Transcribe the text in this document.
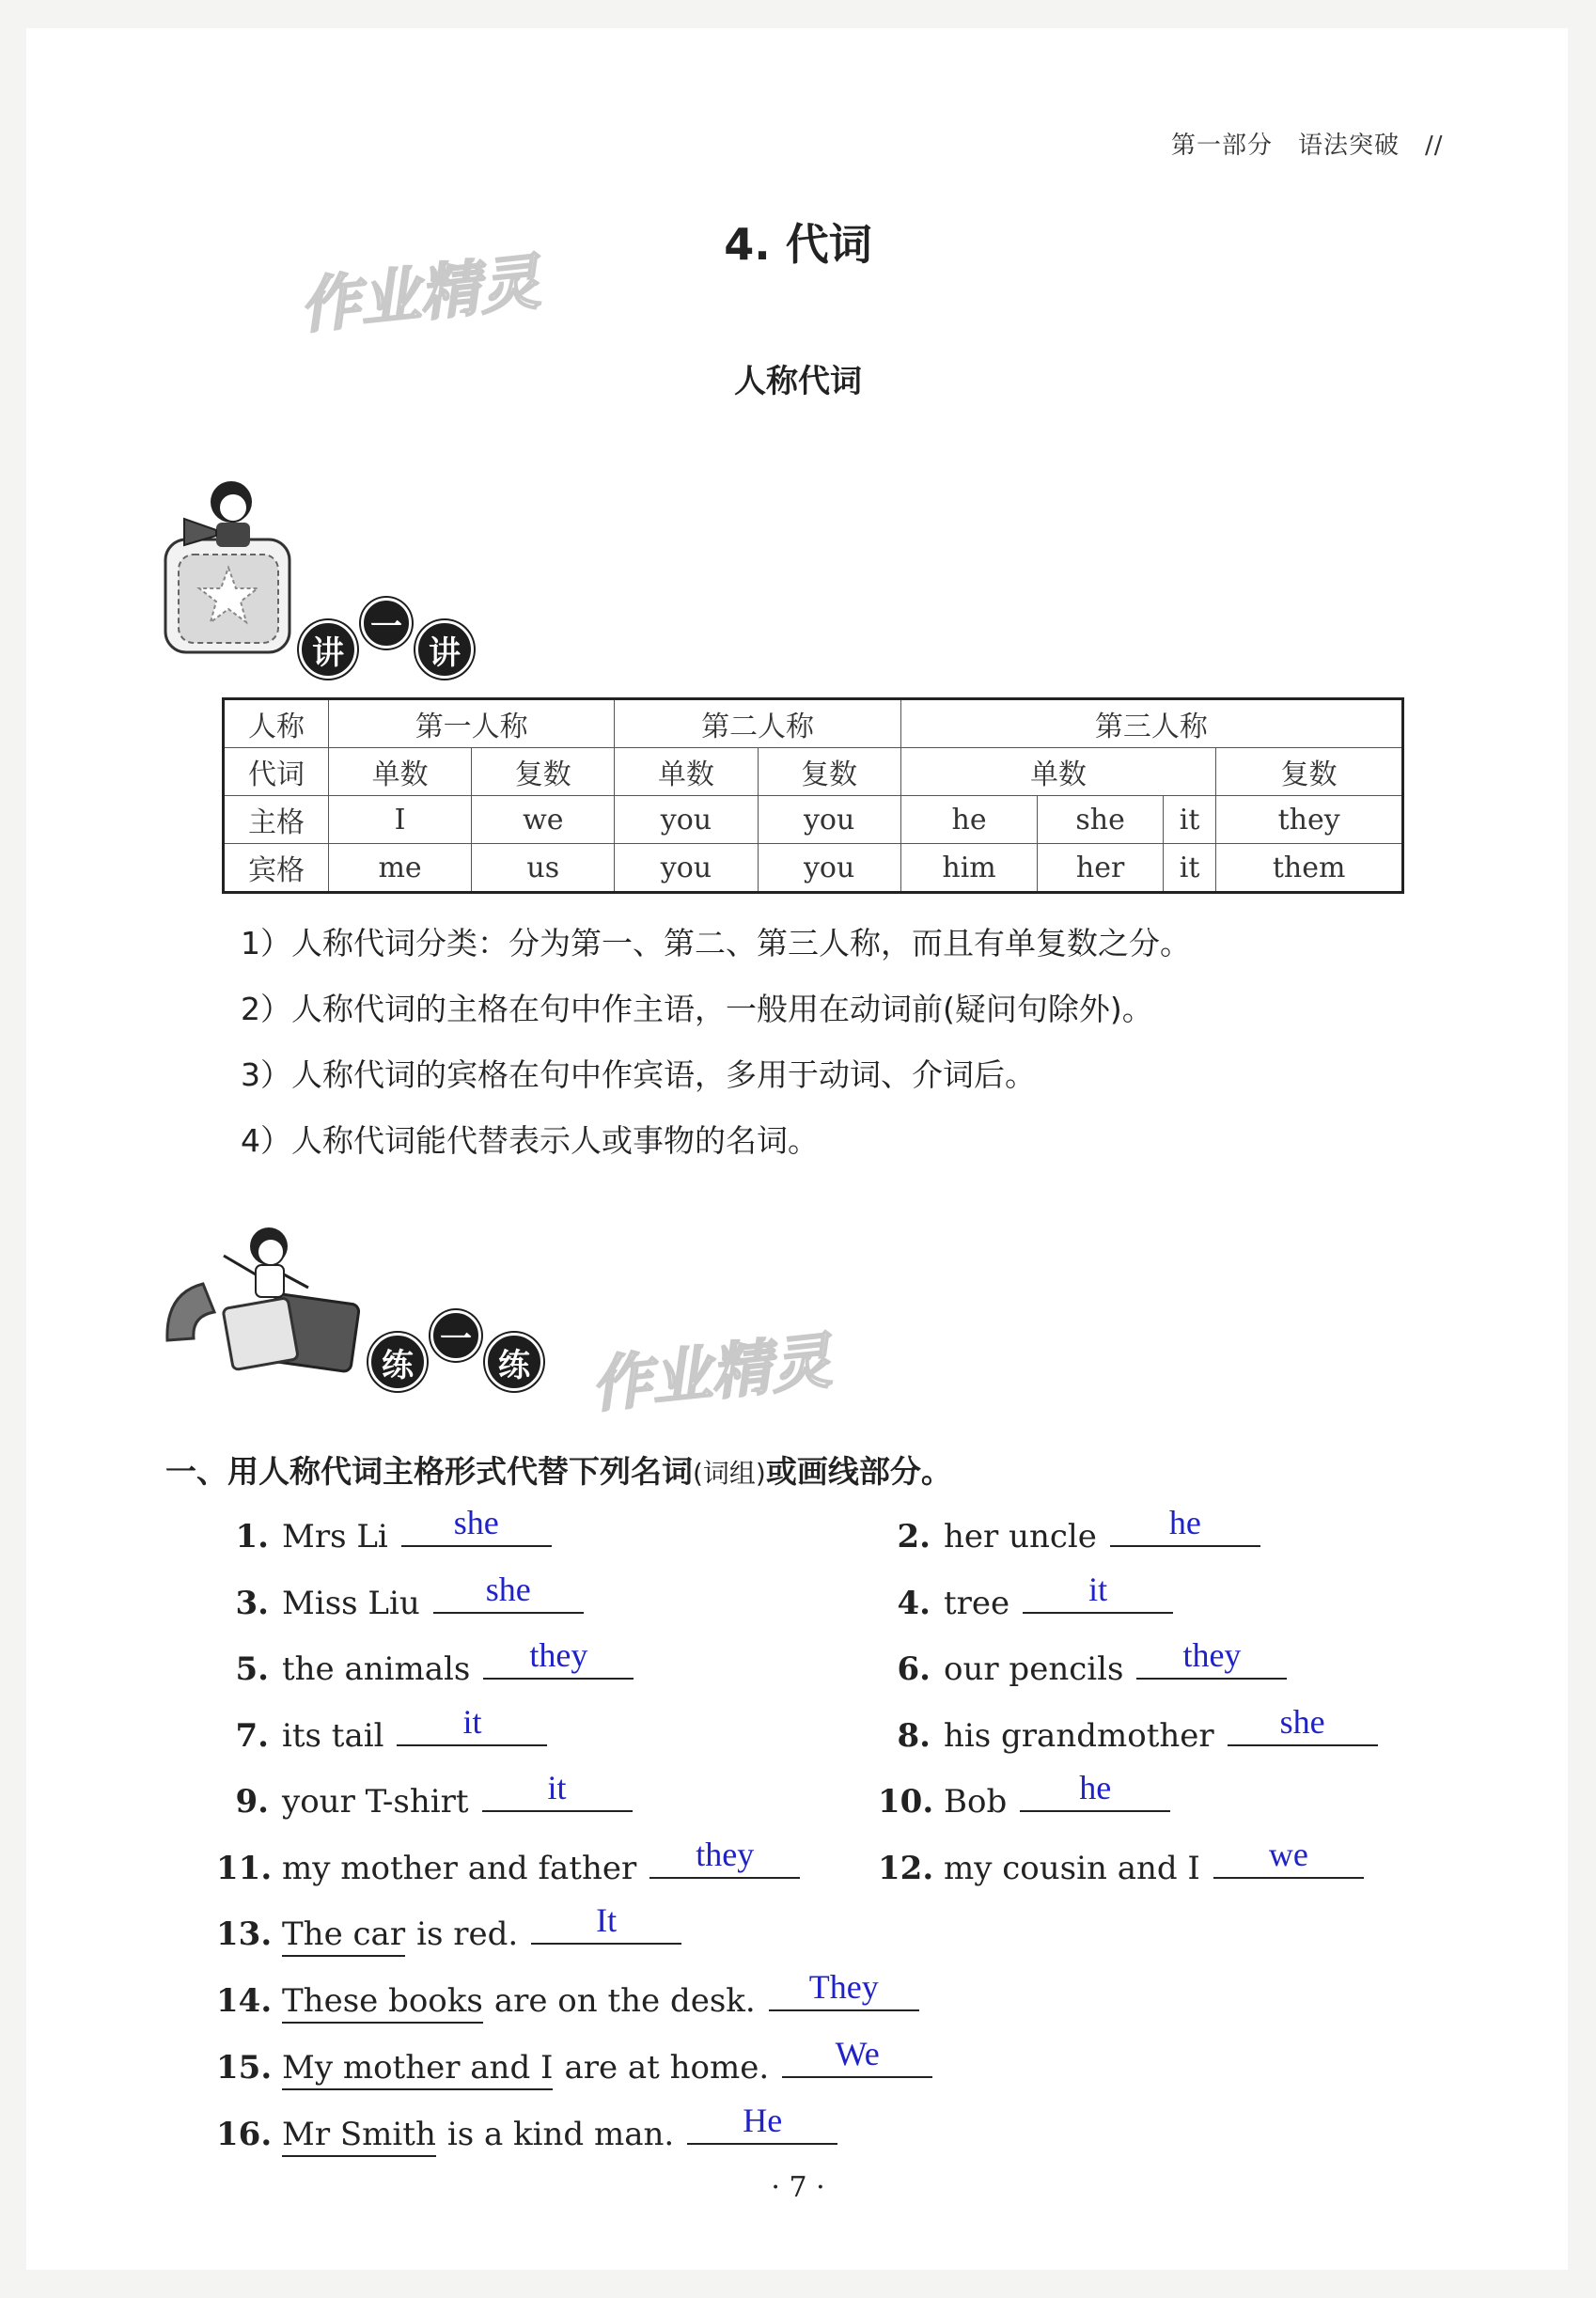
第一部分　语法突破　//
4. 代词
人称代词
作业精灵
作业精灵
讲
一
讲
人称	第一人称		第二人称		第三人称			
代词	单数	复数	单数	复数	单数			复数
主格	I	we	you	you	he	she	it	they
宾格	me	us	you	you	him	her	it	them
1）人称代词分类：分为第一、第二、第三人称，而且有单复数之分。
2）人称代词的主格在句中作主语，一般用在动词前(疑问句除外)。
3）人称代词的宾格在句中作宾语，多用于动词、介词后。
4）人称代词能代替表示人或事物的名词。
练
一
练
一、用人称代词主格形式代替下列名词(词组)或画线部分。
1. Mrs Li	she	2. her uncle	he
3. Miss Liu	she	4. tree	it
5. the animals	they	6. our pencils	they
7. its tail	it	8. his grandmother	she
9. your T-shirt	it	10. Bob	he
11. my mother and father	they	12. my cousin and I	we
13. The car is red.	It
14. These books are on the desk.	They
15. My mother and I are at home.	We
16. Mr Smith is a kind man.	He
· 7 ·
